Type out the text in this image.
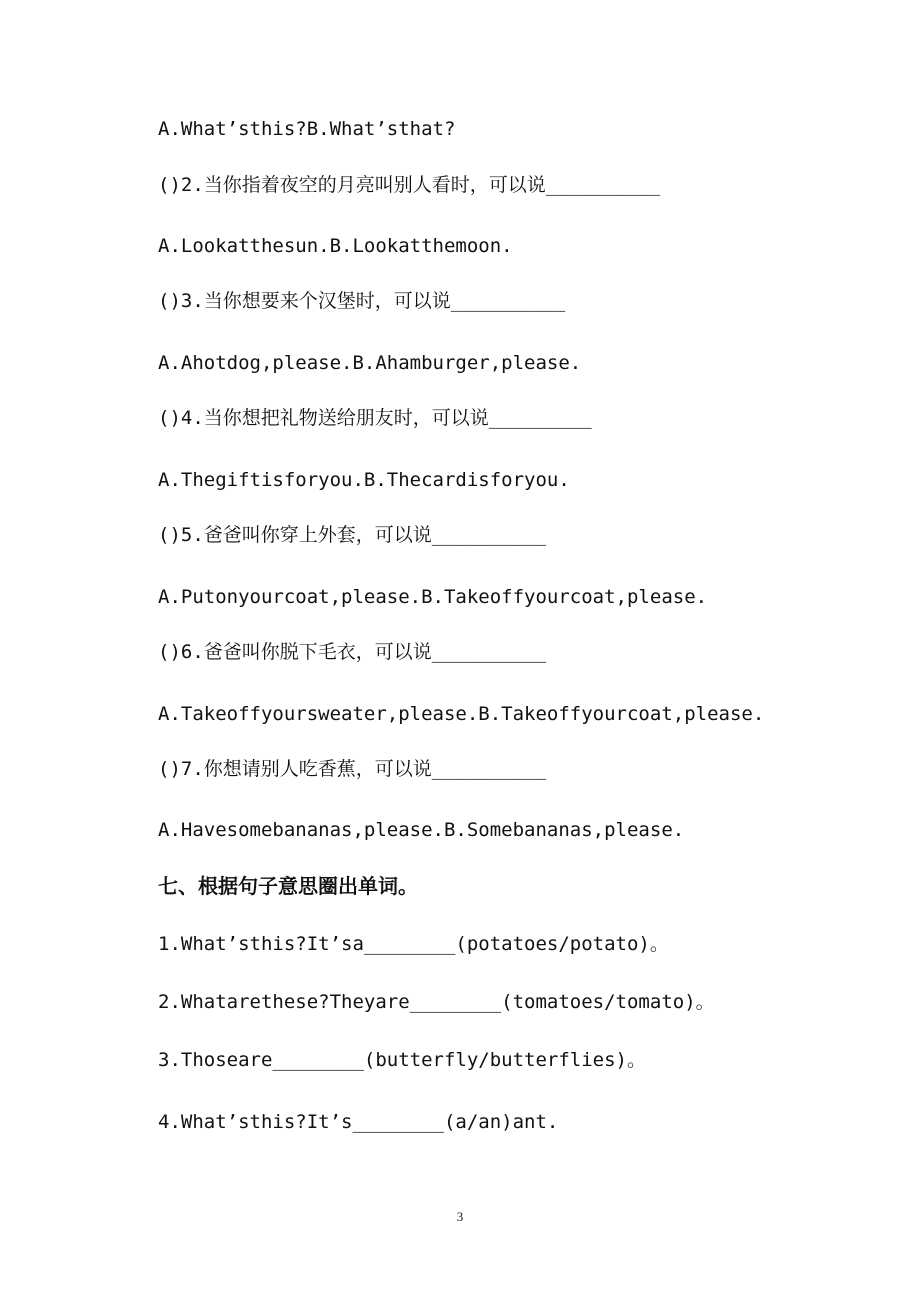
A.What’sthis?B.What’sthat?
()2.当你指着夜空的月亮叫别人看时，可以说__________
A.Lookatthesun.B.Lookatthemoon.
()3.当你想要来个汉堡时，可以说__________
A.Ahotdog,please.B.Ahamburger,please.
()4.当你想把礼物送给朋友时，可以说_________
A.Thegiftisforyou.B.Thecardisforyou.
()5.爸爸叫你穿上外套，可以说__________
A.Putonyourcoat,please.B.Takeoffyourcoat,please.
()6.爸爸叫你脱下毛衣，可以说__________
A.Takeoffyoursweater,please.B.Takeoffyourcoat,please.
()7.你想请别人吃香蕉，可以说__________
A.Havesomebananas,please.B.Somebananas,please.
七、根据句子意思圈出单词。
1.What’sthis?It’sa________(potatoes/potato)。
2.Whatarethese?Theyare________(tomatoes/tomato)。
3.Thoseare________(butterfly/butterflies)。
4.What’sthis?It’s________(a/an)ant.
3
